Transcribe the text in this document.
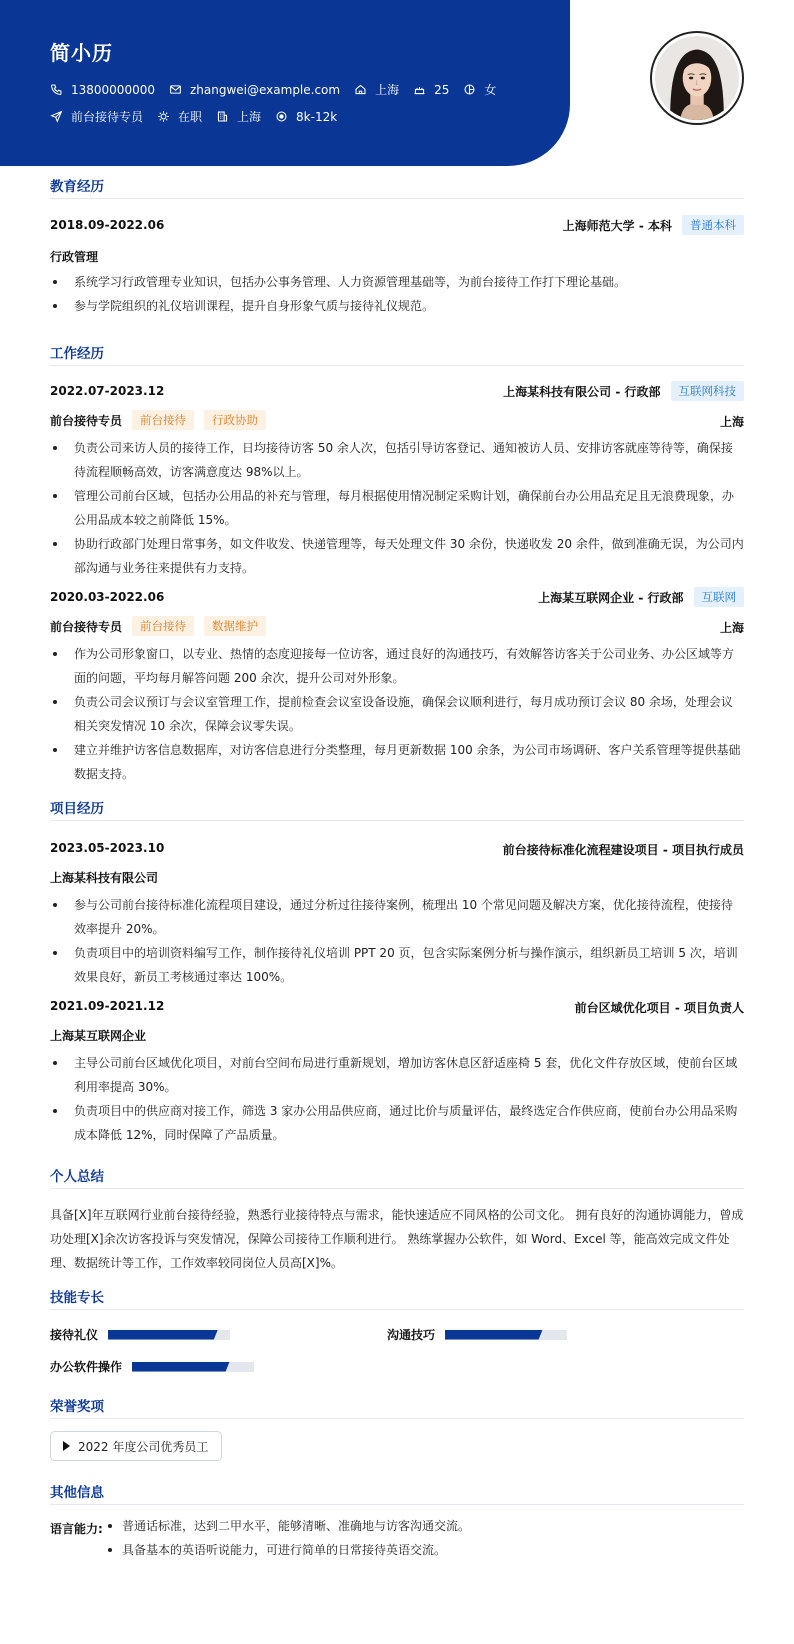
简小历
13800000000	zhangwei@example.com	上海	25	女
前台接待专员	在职	上海	8k-12k
教育经历
2018.09-2022.06	上海师范大学 - 本科	普通本科
行政管理
系统学习行政管理专业知识，包括办公事务管理、人力资源管理基础等，为前台接待工作打下理论基础。
参与学院组织的礼仪培训课程，提升自身形象气质与接待礼仪规范。
工作经历
2022.07-2023.12	上海某科技有限公司 - 行政部	互联网科技
前台接待专员	前台接待	行政协助	上海
负责公司来访人员的接待工作，日均接待访客 50 余人次，包括引导访客登记、通知被访人员、安排访客就座等待等，确保接待流程顺畅高效，访客满意度达 98%以上。
管理公司前台区域，包括办公用品的补充与管理，每月根据使用情况制定采购计划，确保前台办公用品充足且无浪费现象，办公用品成本较之前降低 15%。
协助行政部门处理日常事务，如文件收发、快递管理等，每天处理文件 30 余份，快递收发 20 余件，做到准确无误，为公司内部沟通与业务往来提供有力支持。
2020.03-2022.06	上海某互联网企业 - 行政部	互联网
前台接待专员	前台接待	数据维护	上海
作为公司形象窗口，以专业、热情的态度迎接每一位访客，通过良好的沟通技巧，有效解答访客关于公司业务、办公区域等方面的问题，平均每月解答问题 200 余次，提升公司对外形象。
负责公司会议预订与会议室管理工作，提前检查会议室设备设施，确保会议顺利进行，每月成功预订会议 80 余场，处理会议相关突发情况 10 余次，保障会议零失误。
建立并维护访客信息数据库，对访客信息进行分类整理，每月更新数据 100 余条，为公司市场调研、客户关系管理等提供基础数据支持。
项目经历
2023.05-2023.10	前台接待标准化流程建设项目 - 项目执行成员
上海某科技有限公司
参与公司前台接待标准化流程项目建设，通过分析过往接待案例，梳理出 10 个常见问题及解决方案，优化接待流程，使接待效率提升 20%。
负责项目中的培训资料编写工作，制作接待礼仪培训 PPT 20 页，包含实际案例分析与操作演示，组织新员工培训 5 次，培训效果良好，新员工考核通过率达 100%。
2021.09-2021.12	前台区域优化项目 - 项目负责人
上海某互联网企业
主导公司前台区域优化项目，对前台空间布局进行重新规划，增加访客休息区舒适座椅 5 套，优化文件存放区域，使前台区域利用率提高 30%。
负责项目中的供应商对接工作，筛选 3 家办公用品供应商，通过比价与质量评估，最终选定合作供应商，使前台办公用品采购成本降低 12%，同时保障了产品质量。
个人总结
具备[X]年互联网行业前台接待经验，熟悉行业接待特点与需求，能快速适应不同风格的公司文化。 拥有良好的沟通协调能力，曾成
功处理[X]余次访客投诉与突发情况，保障公司接待工作顺利进行。 熟练掌握办公软件，如 Word、Excel 等，能高效完成文件处
理、数据统计等工作，工作效率较同岗位人员高[X]%。
技能专长
接待礼仪	沟通技巧
办公软件操作
荣誉奖项
2022 年度公司优秀员工
其他信息
语言能力:	普通话标准，达到二甲水平，能够清晰、准确地与访客沟通交流。
具备基本的英语听说能力，可进行简单的日常接待英语交流。
